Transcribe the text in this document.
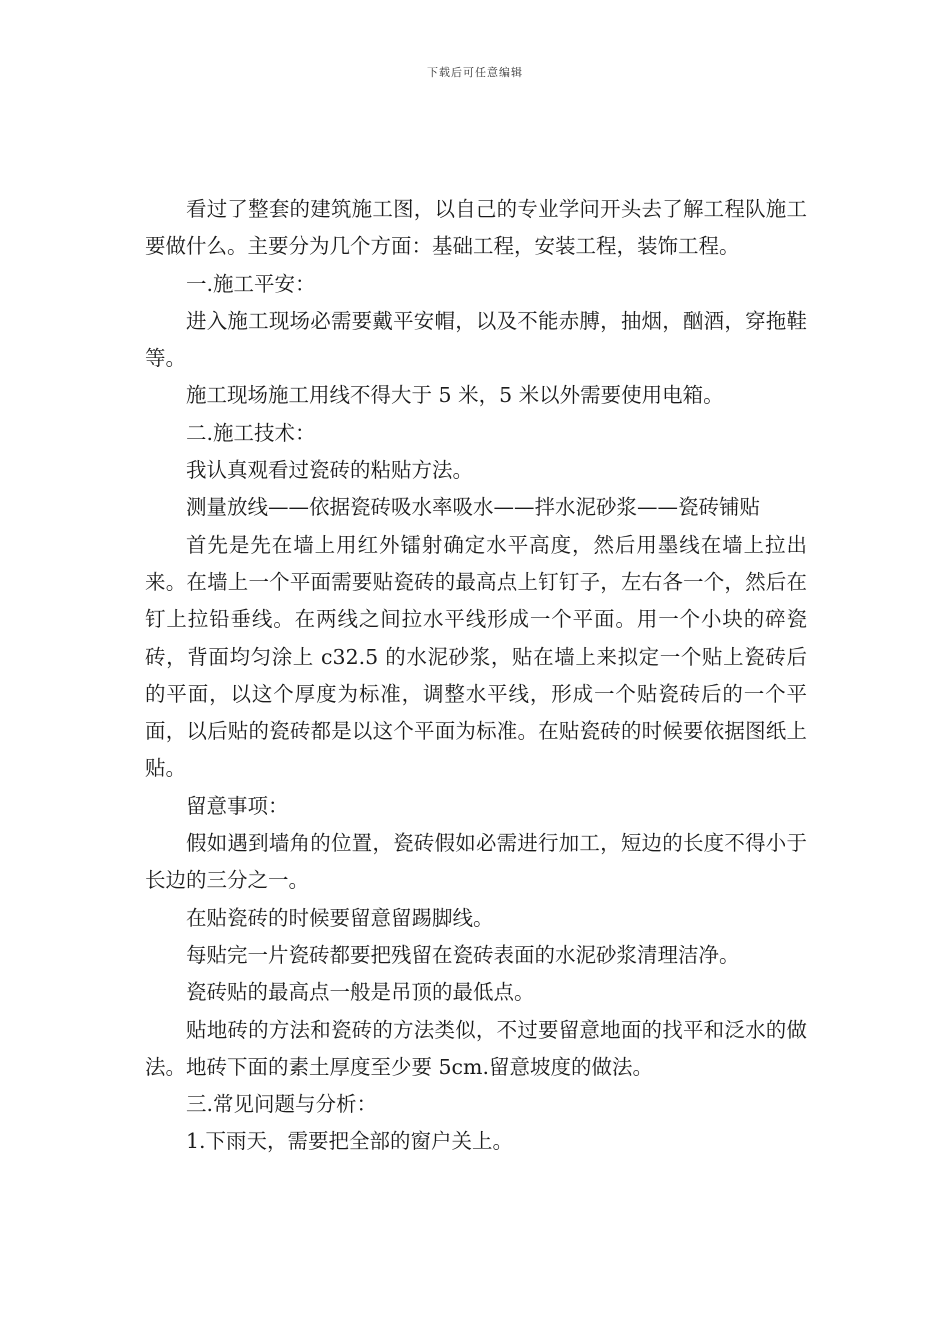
下载后可任意编辑

看过了整套的建筑施工图，以自己的专业学问开头去了解工程队施工要做什么。主要分为几个方面：基础工程，安装工程，装饰工程。

一.施工平安：

进入施工现场必需要戴平安帽，以及不能赤膊，抽烟，酗酒，穿拖鞋等。

施工现场施工用线不得大于 5 米，5 米以外需要使用电箱。

二.施工技术：

我认真观看过瓷砖的粘贴方法。

测量放线——依据瓷砖吸水率吸水——拌水泥砂浆——瓷砖铺贴

首先是先在墙上用红外镭射确定水平高度，然后用墨线在墙上拉出来。在墙上一个平面需要贴瓷砖的最高点上钉钉子，左右各一个，然后在钉上拉铅垂线。在两线之间拉水平线形成一个平面。用一个小块的碎瓷砖，背面均匀涂上 c32.5 的水泥砂浆，贴在墙上来拟定一个贴上瓷砖后的平面，以这个厚度为标准，调整水平线，形成一个贴瓷砖后的一个平面，以后贴的瓷砖都是以这个平面为标准。在贴瓷砖的时候要依据图纸上贴。

留意事项：

假如遇到墙角的位置，瓷砖假如必需进行加工，短边的长度不得小于长边的三分之一。

在贴瓷砖的时候要留意留踢脚线。

每贴完一片瓷砖都要把残留在瓷砖表面的水泥砂浆清理洁净。

瓷砖贴的最高点一般是吊顶的最低点。

贴地砖的方法和瓷砖的方法类似，不过要留意地面的找平和泛水的做法。地砖下面的素土厚度至少要 5cm.留意坡度的做法。

三.常见问题与分析：

1.下雨天，需要把全部的窗户关上。
